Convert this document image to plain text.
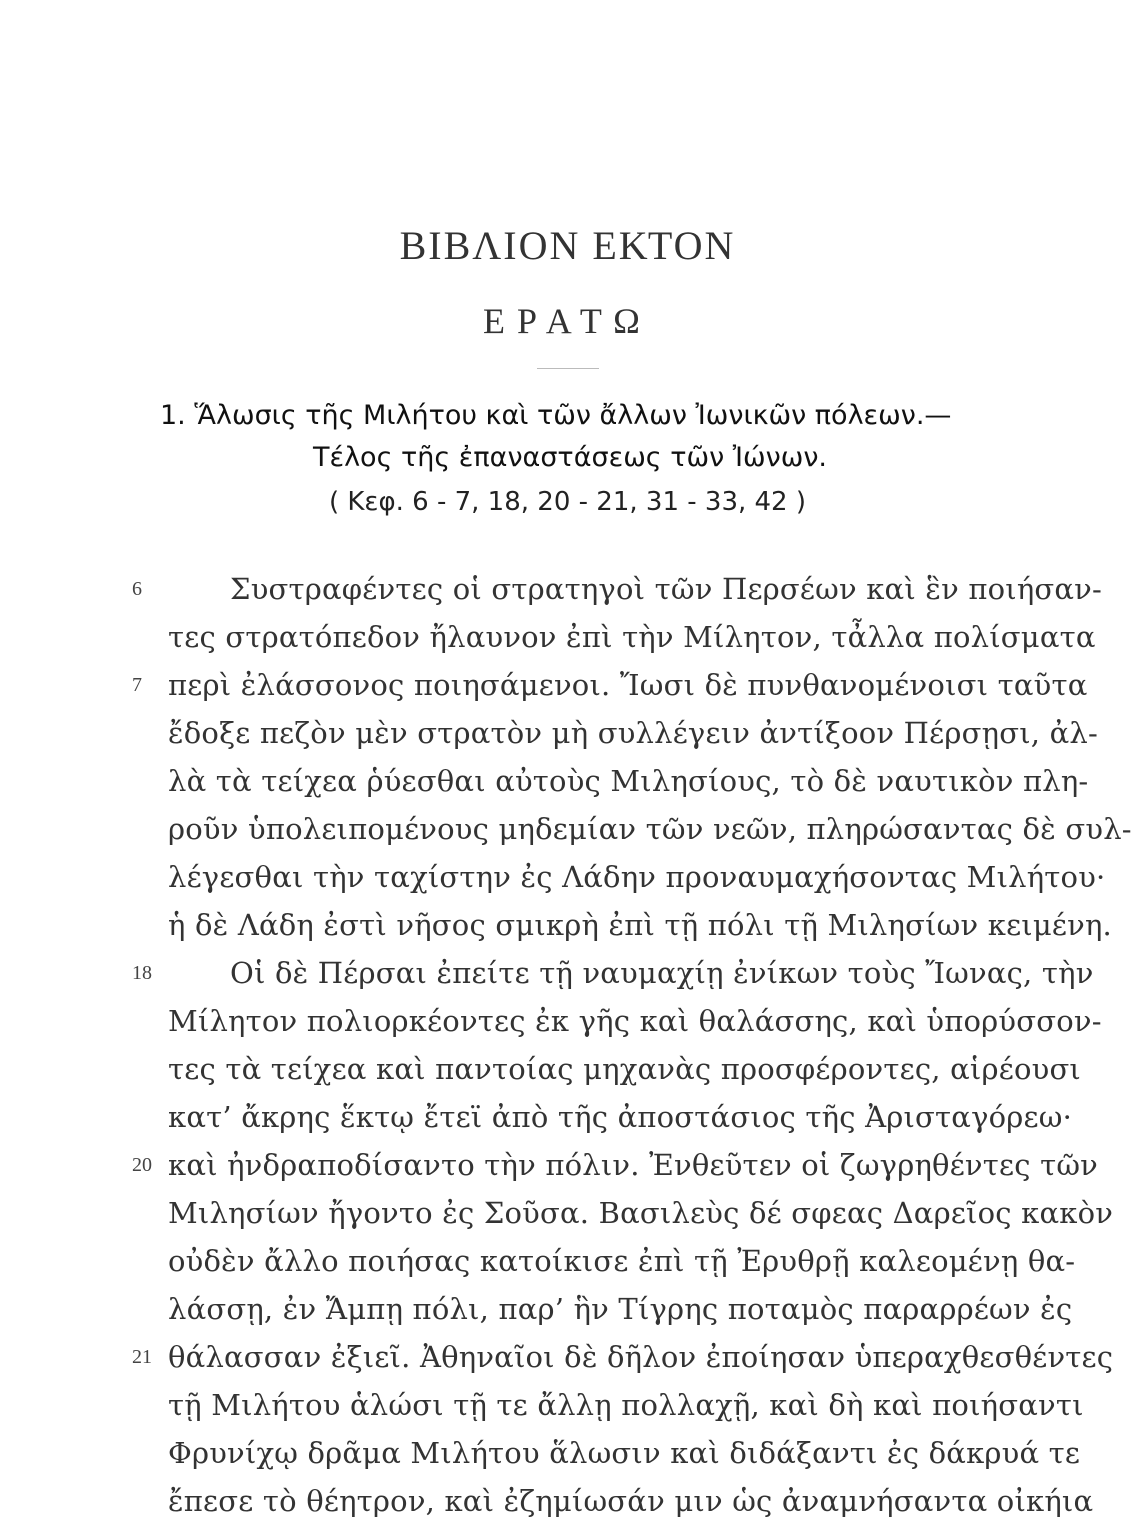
ΒΙΒΛΙΟΝ ΕΚΤΟΝ
ΕΡΑΤΩ
1. Ἅλωσις τῆς Μιλήτου καὶ τῶν ἄλλων Ἰωνικῶν πόλεων.—
Τέλος τῆς ἐπαναστάσεως τῶν Ἰώνων.
( Κεφ. 6 - 7, 18, 20 - 21, 31 - 33, 42 )
6
7
18
20
21
Συστραφέντες οἱ στρατηγοὶ τῶν Περσέων καὶ ἓν ποιήσαν-
τες στρατόπεδον ἤλαυνον ἐπὶ τὴν Μίλητον, τἆλλα πολίσματα
περὶ ἐλάσσονος ποιησάμενοι. Ἴωσι δὲ πυνθανομένοισι ταῦτα
ἔδοξε πεζὸν μὲν στρατὸν μὴ συλλέγειν ἀντίξοον Πέρσῃσι, ἀλ-
λὰ τὰ τείχεα ῥύεσθαι αὐτοὺς Μιλησίους, τὸ δὲ ναυτικὸν πλη-
ροῦν ὑπολειπομένους μηδεμίαν τῶν νεῶν, πληρώσαντας δὲ συλ-
λέγεσθαι τὴν ταχίστην ἐς Λάδην προναυμαχήσοντας Μιλήτου·
ἡ δὲ Λάδη ἐστὶ νῆσος σμικρὴ ἐπὶ τῇ πόλι τῇ Μιλησίων κειμένη.
Οἱ δὲ Πέρσαι ἐπείτε τῇ ναυμαχίῃ ἐνίκων τοὺς Ἴωνας, τὴν
Μίλητον πολιορκέοντες ἐκ γῆς καὶ θαλάσσης, καὶ ὑπορύσσον-
τες τὰ τείχεα καὶ παντοίας μηχανὰς προσφέροντες, αἱρέουσι
κατ’ ἄκρης ἕκτῳ ἔτεϊ ἀπὸ τῆς ἀποστάσιος τῆς Ἀρισταγόρεω·
καὶ ἠνδραποδίσαντο τὴν πόλιν. Ἐνθεῦτεν οἱ ζωγρηθέντες τῶν
Μιλησίων ἤγοντο ἐς Σοῦσα. Βασιλεὺς δέ σφεας Δαρεῖος κακὸν
οὐδὲν ἄλλο ποιήσας κατοίκισε ἐπὶ τῇ Ἐρυθρῇ καλεομένῃ θα-
λάσσῃ, ἐν Ἄμπῃ πόλι, παρ’ ἣν Τίγρης ποταμὸς παραρρέων ἐς
θάλασσαν ἐξιεῖ. Ἀθηναῖοι δὲ δῆλον ἐποίησαν ὑπεραχθεσθέντες
τῇ Μιλήτου ἁλώσι τῇ τε ἄλλῃ πολλαχῇ, καὶ δὴ καὶ ποιήσαντι
Φρυνίχῳ δρᾶμα Μιλήτου ἅλωσιν καὶ διδάξαντι ἐς δάκρυά τε
ἔπεσε τὸ θέητρον, καὶ ἐζημίωσάν μιν ὡς ἀναμνήσαντα οἰκήια
